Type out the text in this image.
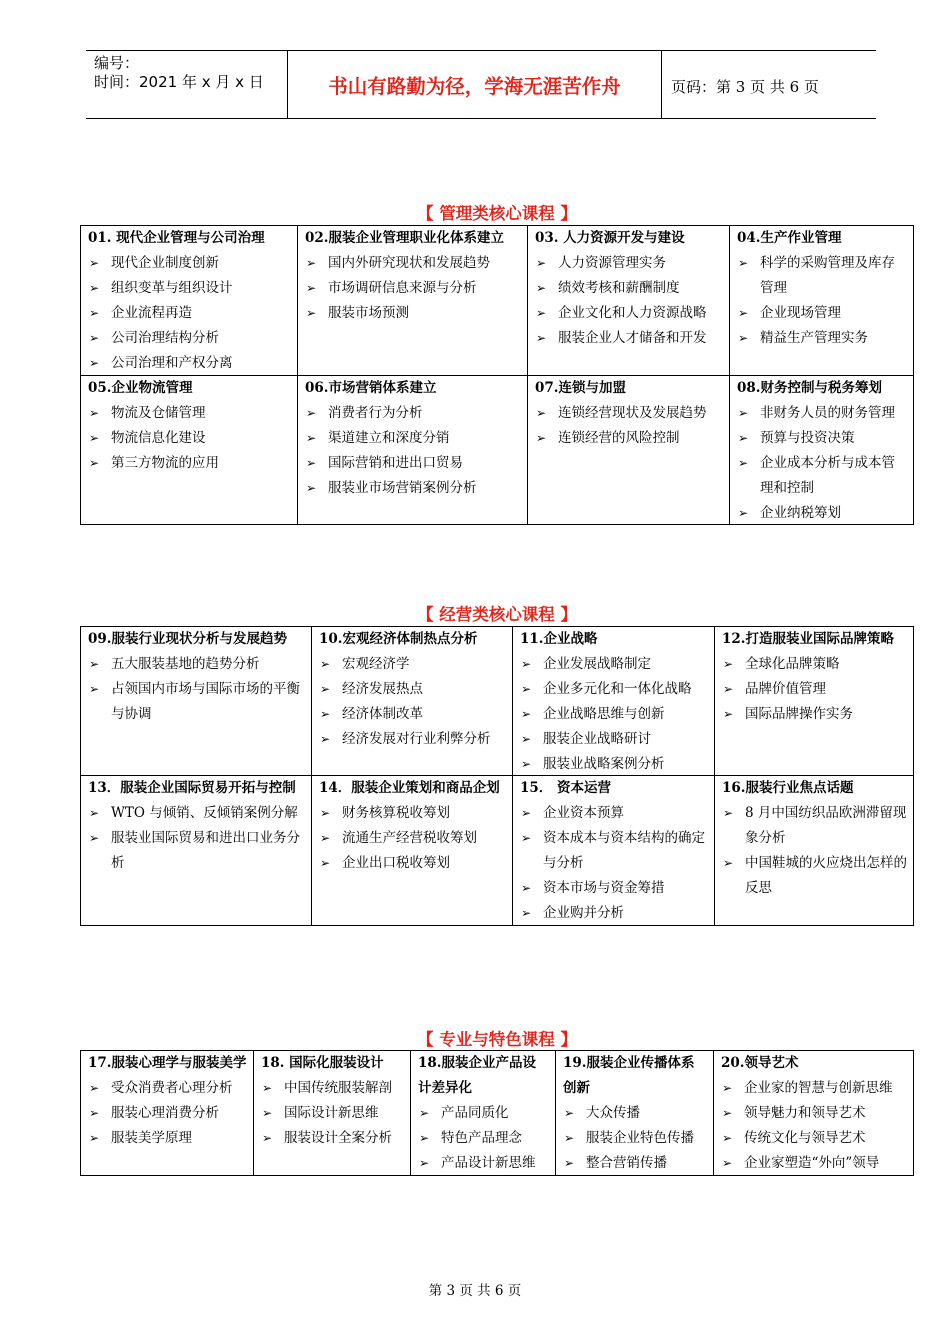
编号：
时间：2021 年 x 月 x 日	书山有路勤为径，学海无涯苦作舟	页码：第 3 页 共 6 页
【 管理类核心课程 】
01. 现代企业管理与公司治理
➢ 现代企业制度创新
➢ 组织变革与组织设计
➢ 企业流程再造
➢ 公司治理结构分析
➢ 公司治理和产权分离
02.服装企业管理职业化体系建立
➢ 国内外研究现状和发展趋势
➢ 市场调研信息来源与分析
➢ 服装市场预测
03. 人力资源开发与建设
➢ 人力资源管理实务
➢ 绩效考核和薪酬制度
➢ 企业文化和人力资源战略
➢ 服装企业人才储备和开发
04.生产作业管理
➢ 科学的采购管理及库存管理
➢ 企业现场管理
➢ 精益生产管理实务
05.企业物流管理
➢ 物流及仓储管理
➢ 物流信息化建设
➢ 第三方物流的应用
06.市场营销体系建立
➢ 消费者行为分析
➢ 渠道建立和深度分销
➢ 国际营销和进出口贸易
➢ 服装业市场营销案例分析
07.连锁与加盟
➢ 连锁经营现状及发展趋势
➢ 连锁经营的风险控制
08.财务控制与税务筹划
➢ 非财务人员的财务管理
➢ 预算与投资决策
➢ 企业成本分析与成本管理和控制
➢ 企业纳税筹划
【 经营类核心课程 】
09.服装行业现状分析与发展趋势
➢ 五大服装基地的趋势分析
➢ 占领国内市场与国际市场的平衡与协调
10.宏观经济体制热点分析
➢ 宏观经济学
➢ 经济发展热点
➢ 经济体制改革
➢ 经济发展对行业利弊分析
11.企业战略
➢ 企业发展战略制定
➢ 企业多元化和一体化战略
➢ 企业战略思维与创新
➢ 服装企业战略研讨
➢ 服装业战略案例分析
12.打造服装业国际品牌策略
➢ 全球化品牌策略
➢ 品牌价值管理
➢ 国际品牌操作实务
13．服装企业国际贸易开拓与控制
➢ WTO 与倾销、反倾销案例分解
➢ 服装业国际贸易和进出口业务分析
14．服装企业策划和商品企划
➢ 财务核算税收筹划
➢ 流通生产经营税收筹划
➢ 企业出口税收筹划
15． 资本运营
➢ 企业资本预算
➢ 资本成本与资本结构的确定与分析
➢ 资本市场与资金筹措
➢ 企业购并分析
16.服装行业焦点话题
➢ 8 月中国纺织品欧洲滞留现象分析
➢ 中国鞋城的火应烧出怎样的反思
【 专业与特色课程 】
17.服装心理学与服装美学
➢ 受众消费者心理分析
➢ 服装心理消费分析
➢ 服装美学原理
18. 国际化服装设计
➢ 中国传统服装解剖
➢ 国际设计新思维
➢ 服装设计全案分析
18.服装企业产品设计差异化
➢ 产品同质化
➢ 特色产品理念
➢ 产品设计新思维
19.服装企业传播体系创新
➢ 大众传播
➢ 服装企业特色传播
➢ 整合营销传播
20.领导艺术
➢ 企业家的智慧与创新思维
➢ 领导魅力和领导艺术
➢ 传统文化与领导艺术
➢ 企业家塑造“外向”领导
第 3 页 共 6 页
